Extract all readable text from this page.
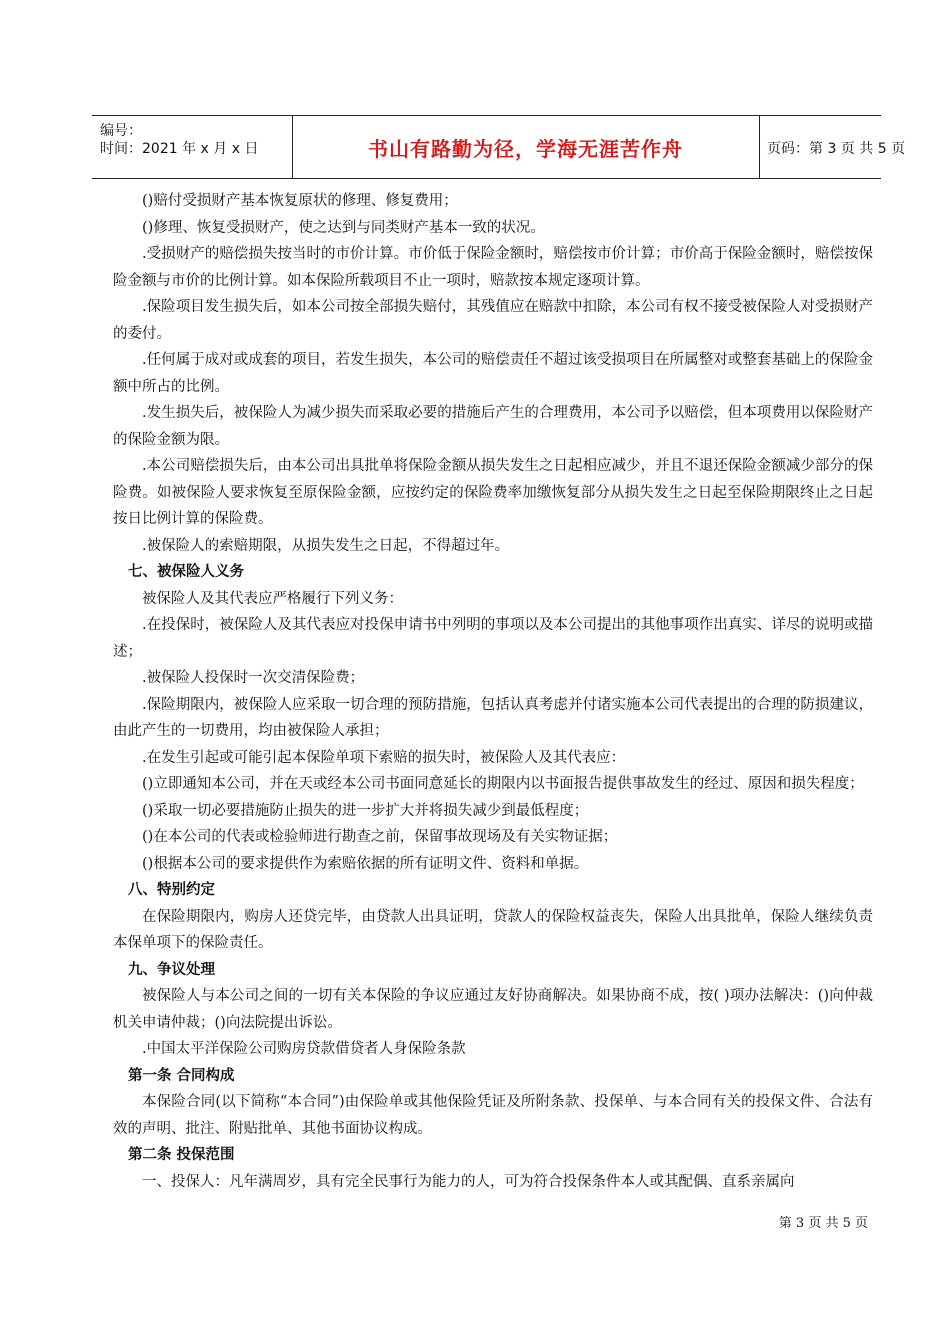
编号：
时间：2021 年 x 月 x 日	书山有路勤为径，学海无涯苦作舟	页码：第 3 页 共 5 页

()赔付受损财产基本恢复原状的修理、修复费用；

()修理、恢复受损财产，使之达到与同类财产基本一致的状况。

.受损财产的赔偿损失按当时的市价计算。市价低于保险金额时，赔偿按市价计算；市价高于保险金额时，赔偿按保险金额与市价的比例计算。如本保险所载项目不止一项时，赔款按本规定逐项计算。

.保险项目发生损失后，如本公司按全部损失赔付，其残值应在赔款中扣除，本公司有权不接受被保险人对受损财产的委付。

.任何属于成对或成套的项目，若发生损失，本公司的赔偿责任不超过该受损项目在所属整对或整套基础上的保险金额中所占的比例。

.发生损失后，被保险人为减少损失而采取必要的措施后产生的合理费用，本公司予以赔偿，但本项费用以保险财产的保险金额为限。

.本公司赔偿损失后，由本公司出具批单将保险金额从损失发生之日起相应减少，并且不退还保险金额减少部分的保险费。如被保险人要求恢复至原保险金额，应按约定的保险费率加缴恢复部分从损失发生之日起至保险期限终止之日起按日比例计算的保险费。

.被保险人的索赔期限，从损失发生之日起，不得超过年。

七、被保险人义务

被保险人及其代表应严格履行下列义务：

.在投保时，被保险人及其代表应对投保申请书中列明的事项以及本公司提出的其他事项作出真实、详尽的说明或描述；

.被保险人投保时一次交清保险费；

.保险期限内，被保险人应采取一切合理的预防措施，包括认真考虑并付诸实施本公司代表提出的合理的防损建议，由此产生的一切费用，均由被保险人承担；

.在发生引起或可能引起本保险单项下索赔的损失时，被保险人及其代表应：

()立即通知本公司，并在天或经本公司书面同意延长的期限内以书面报告提供事故发生的经过、原因和损失程度；

()采取一切必要措施防止损失的进一步扩大并将损失减少到最低程度；

()在本公司的代表或检验师进行勘查之前，保留事故现场及有关实物证据；

()根据本公司的要求提供作为索赔依据的所有证明文件、资料和单据。

八、特别约定

在保险期限内，购房人还贷完毕，由贷款人出具证明，贷款人的保险权益丧失，保险人出具批单，保险人继续负责本保单项下的保险责任。

九、争议处理

被保险人与本公司之间的一切有关本保险的争议应通过友好协商解决。如果协商不成，按( )项办法解决：()向仲裁机关申请仲裁；()向法院提出诉讼。

.中国太平洋保险公司购房贷款借贷者人身保险条款

第一条 合同构成

本保险合同(以下简称“本合同”)由保险单或其他保险凭证及所附条款、投保单、与本合同有关的投保文件、合法有效的声明、批注、附贴批单、其他书面协议构成。

第二条 投保范围

一、投保人：凡年满周岁，具有完全民事行为能力的人，可为符合投保条件本人或其配偶、直系亲属向

第 3 页 共 5 页
